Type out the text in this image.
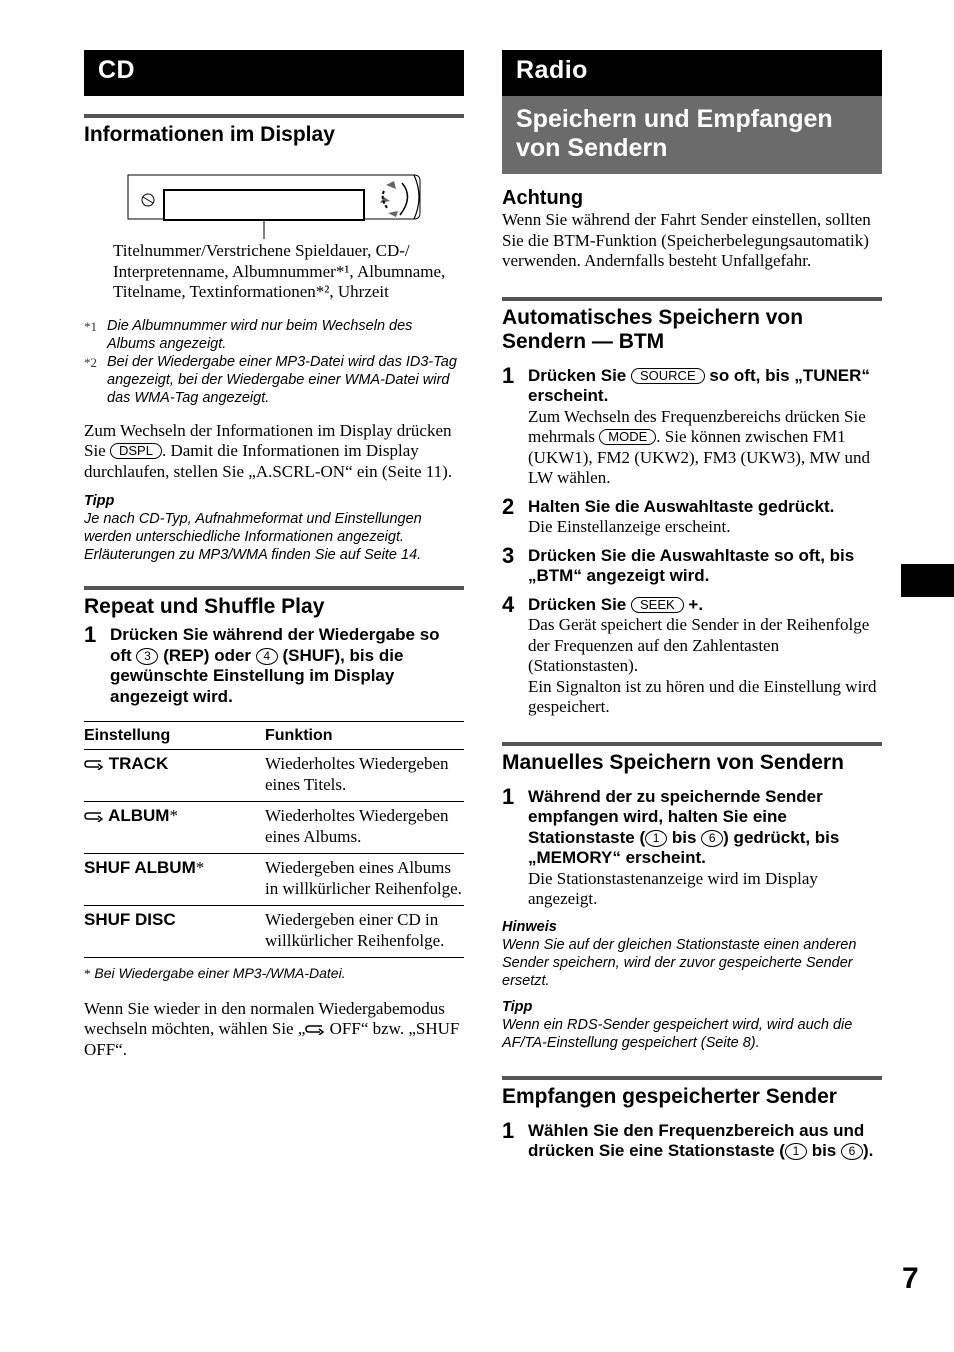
CD
Informationen im Display
Titelnummer/Verstrichene Spieldauer, CD-/ Interpretenname, Albumnummer*¹, Albumname, Titelname, Textinformationen*², Uhrzeit
*1 Die Albumnummer wird nur beim Wechseln des Albums angezeigt.
*2 Bei der Wiedergabe einer MP3-Datei wird das ID3-Tag angezeigt, bei der Wiedergabe einer WMA-Datei wird das WMA-Tag angezeigt.
Zum Wechseln der Informationen im Display drücken Sie DSPL . Damit die Informationen im Display durchlaufen, stellen Sie „A.SCRL-ON“ ein (Seite 11).
Tipp
Je nach CD-Typ, Aufnahmeformat und Einstellungen werden unterschiedliche Informationen angezeigt. Erläuterungen zu MP3/WMA finden Sie auf Seite 14.
Repeat und Shuffle Play
1 Drücken Sie während der Wiedergabe so oft 3 (REP) oder 4 (SHUF), bis die gewünschte Einstellung im Display angezeigt wird.
Einstellung	Funktion
TRACK	Wiederholtes Wiedergeben eines Titels.
ALBUM*	Wiederholtes Wiedergeben eines Albums.
SHUF ALBUM*	Wiedergeben eines Albums in willkürlicher Reihenfolge.
SHUF DISC	Wiedergeben einer CD in willkürlicher Reihenfolge.
* Bei Wiedergabe einer MP3-/WMA-Datei.
Wenn Sie wieder in den normalen Wiedergabemodus wechseln möchten, wählen Sie „ OFF“ bzw. „SHUF OFF“.
Radio
Speichern und Empfangen von Sendern
Achtung
Wenn Sie während der Fahrt Sender einstellen, sollten Sie die BTM-Funktion (Speicherbelegungsautomatik) verwenden. Andernfalls besteht Unfallgefahr.
Automatisches Speichern von Sendern — BTM
1 Drücken Sie SOURCE so oft, bis „TUNER“ erscheint.
Zum Wechseln des Frequenzbereichs drücken Sie mehrmals MODE . Sie können zwischen FM1 (UKW1), FM2 (UKW2), FM3 (UKW3), MW und LW wählen.
2 Halten Sie die Auswahltaste gedrückt.
Die Einstellanzeige erscheint.
3 Drücken Sie die Auswahltaste so oft, bis „BTM“ angezeigt wird.
4 Drücken Sie SEEK +.
Das Gerät speichert die Sender in der Reihenfolge der Frequenzen auf den Zahlentasten (Stationstasten).
Ein Signalton ist zu hören und die Einstellung wird gespeichert.
Manuelles Speichern von Sendern
1 Während der zu speichernde Sender empfangen wird, halten Sie eine Stationstaste ( 1 bis 6 ) gedrückt, bis „MEMORY“ erscheint.
Die Stationstastenanzeige wird im Display angezeigt.
Hinweis
Wenn Sie auf der gleichen Stationstaste einen anderen Sender speichern, wird der zuvor gespeicherte Sender ersetzt.
Tipp
Wenn ein RDS-Sender gespeichert wird, wird auch die AF/TA-Einstellung gespeichert (Seite 8).
Empfangen gespeicherter Sender
1 Wählen Sie den Frequenzbereich aus und drücken Sie eine Stationstaste ( 1 bis 6 ).
7
